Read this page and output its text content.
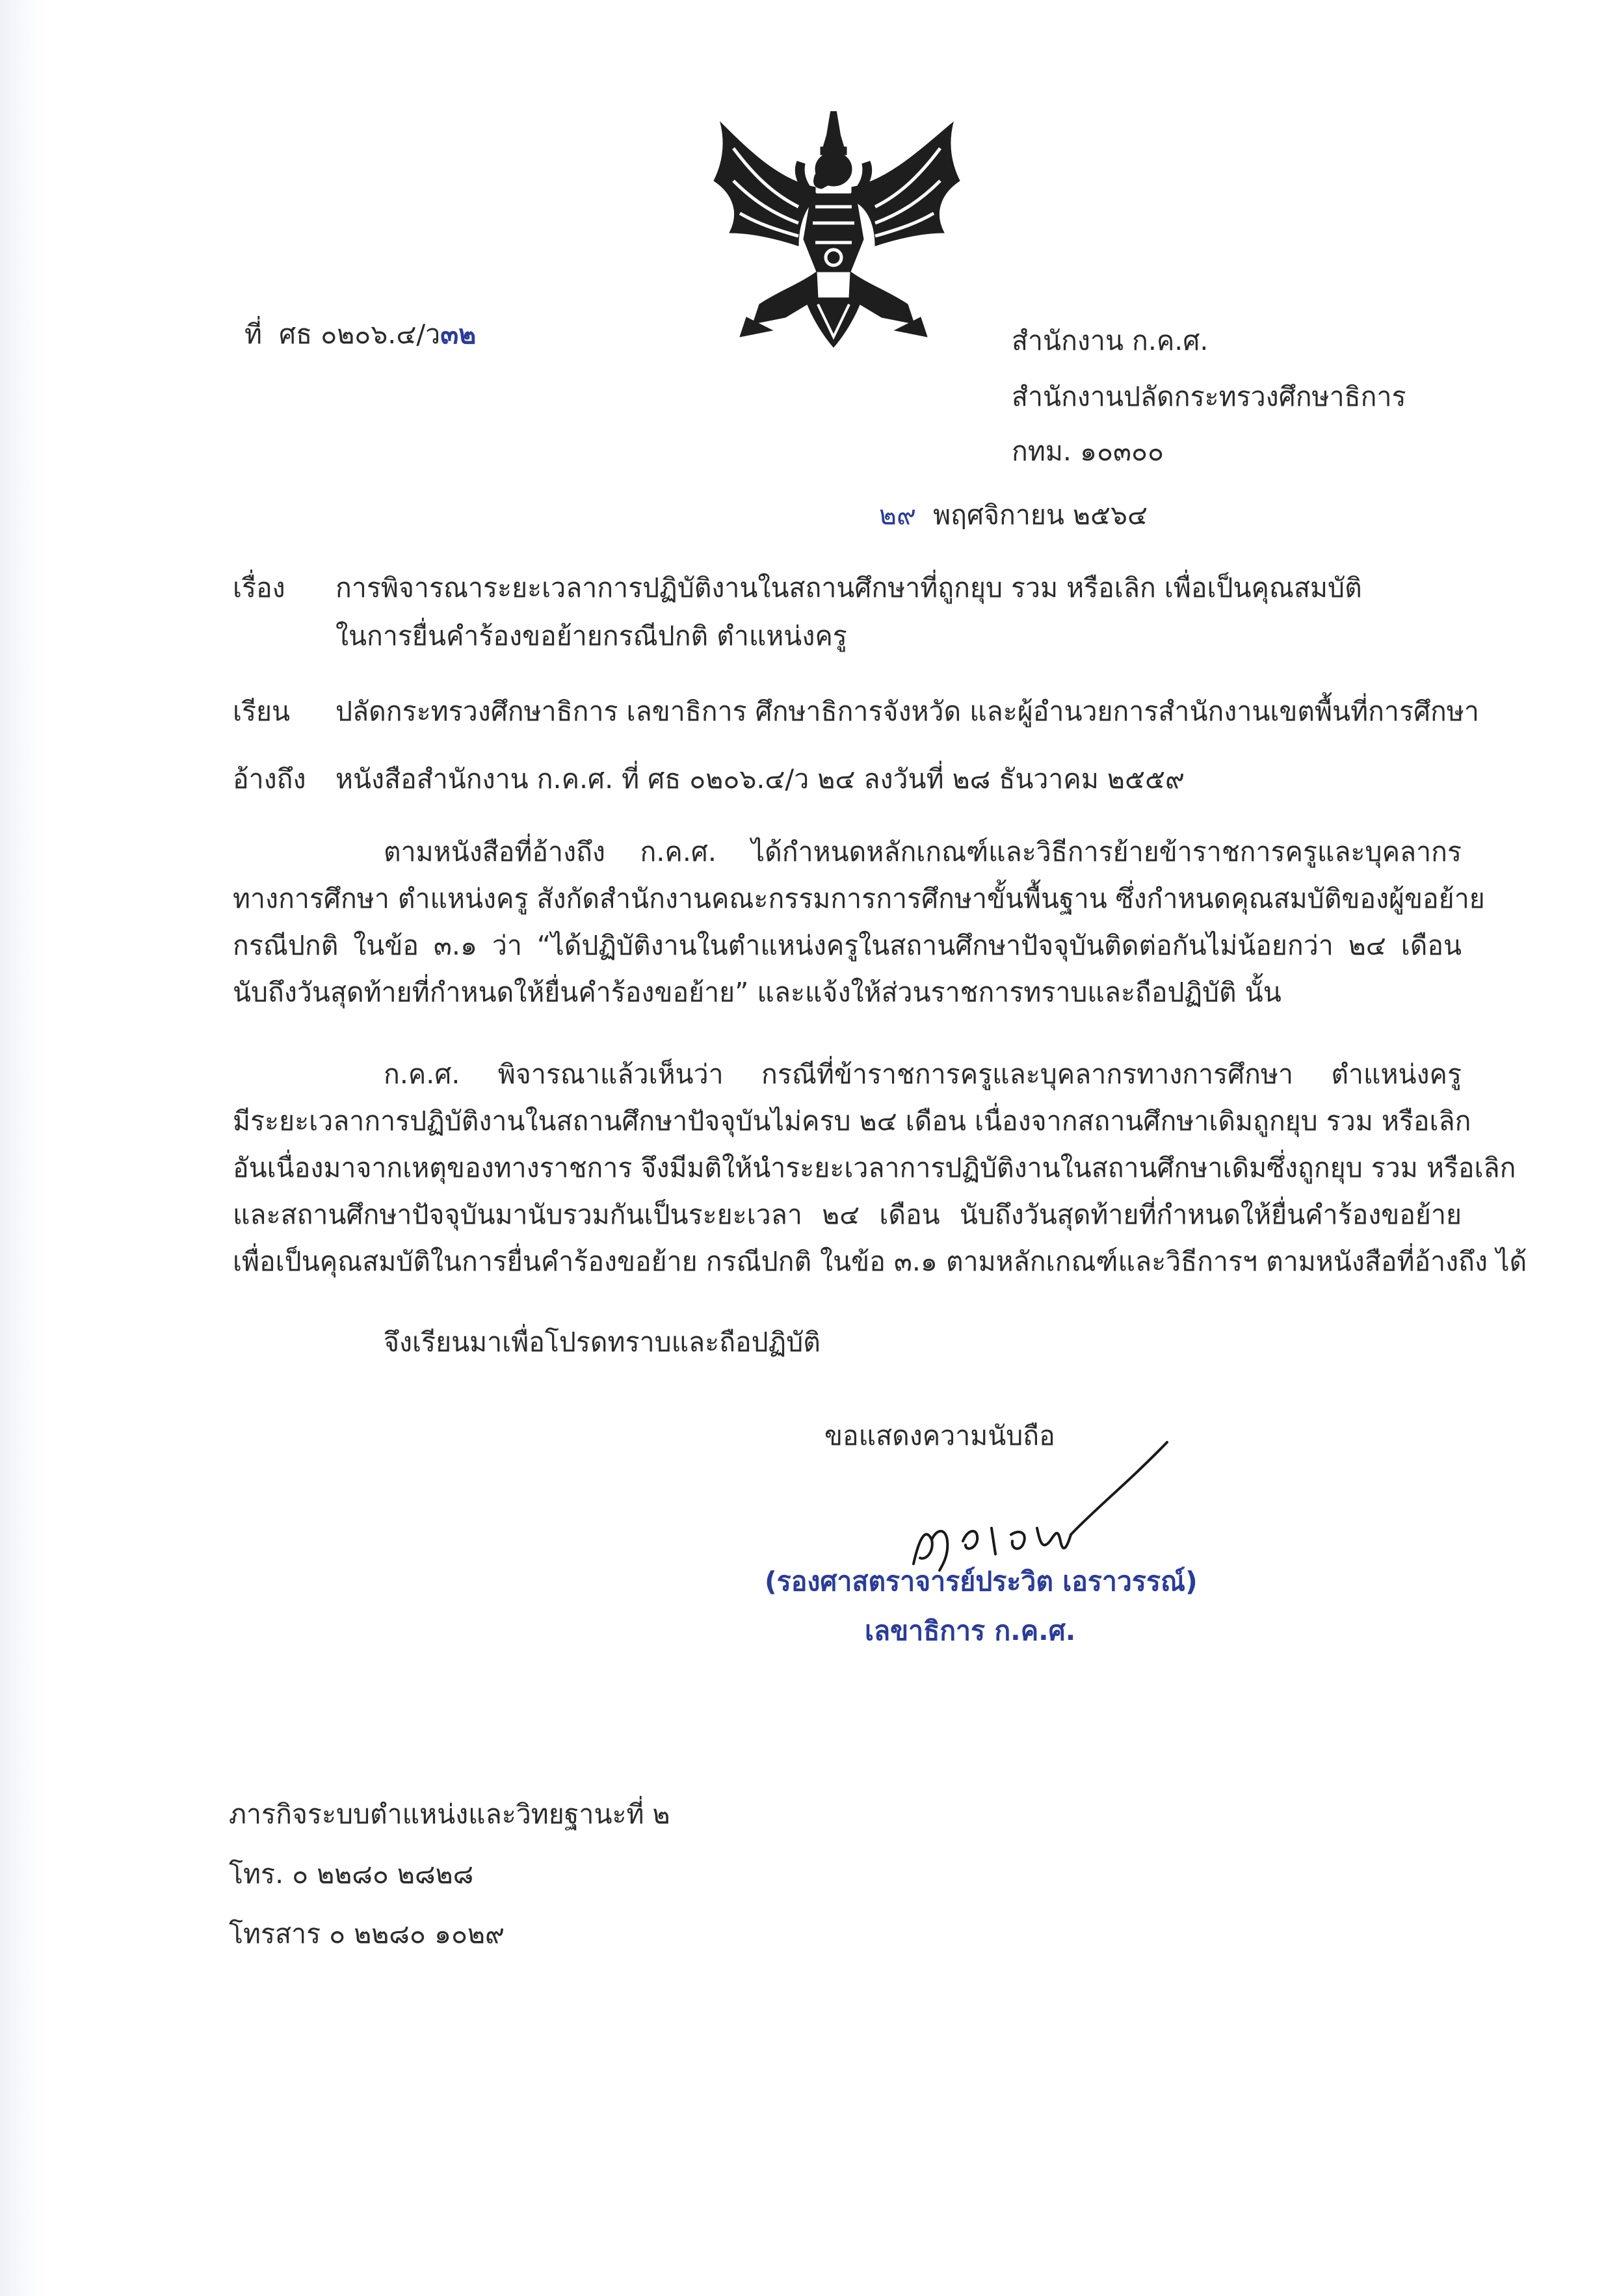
ที่ ศธ ๐๒๐๖.๔/ว๓๒	สำนักงาน ก.ค.ศ.
สำนักงานปลัดกระทรวงศึกษาธิการ
กทม. ๑๐๓๐๐
๒๙ พฤศจิกายน ๒๕๖๔
เรื่อง การพิจารณาระยะเวลาการปฏิบัติงานในสถานศึกษาที่ถูกยุบ รวม หรือเลิก เพื่อเป็นคุณสมบัติ
ในการยื่นคำร้องขอย้ายกรณีปกติ ตำแหน่งครู
เรียน ปลัดกระทรวงศึกษาธิการ เลขาธิการ ศึกษาธิการจังหวัด และผู้อำนวยการสำนักงานเขตพื้นที่การศึกษา
อ้างถึง หนังสือสำนักงาน ก.ค.ศ. ที่ ศธ ๐๒๐๖.๔/ว ๒๔ ลงวันที่ ๒๘ ธันวาคม ๒๕๕๙
ตามหนังสือที่อ้างถึง ก.ค.ศ. ได้กำหนดหลักเกณฑ์และวิธีการย้ายข้าราชการครูและบุคลากร
ทางการศึกษา ตำแหน่งครู สังกัดสำนักงานคณะกรรมการการศึกษาขั้นพื้นฐาน ซึ่งกำหนดคุณสมบัติของผู้ขอย้าย
กรณีปกติ ในข้อ ๓.๑ ว่า “ได้ปฏิบัติงานในตำแหน่งครูในสถานศึกษาปัจจุบันติดต่อกันไม่น้อยกว่า ๒๔ เดือน
นับถึงวันสุดท้ายที่กำหนดให้ยื่นคำร้องขอย้าย” และแจ้งให้ส่วนราชการทราบและถือปฏิบัติ นั้น
ก.ค.ศ. พิจารณาแล้วเห็นว่า กรณีที่ข้าราชการครูและบุคลากรทางการศึกษา ตำแหน่งครู
มีระยะเวลาการปฏิบัติงานในสถานศึกษาปัจจุบันไม่ครบ ๒๔ เดือน เนื่องจากสถานศึกษาเดิมถูกยุบ รวม หรือเลิก
อันเนื่องมาจากเหตุของทางราชการ จึงมีมติให้นำระยะเวลาการปฏิบัติงานในสถานศึกษาเดิมซึ่งถูกยุบ รวม หรือเลิก
และสถานศึกษาปัจจุบันมานับรวมกันเป็นระยะเวลา ๒๔ เดือน นับถึงวันสุดท้ายที่กำหนดให้ยื่นคำร้องขอย้าย
เพื่อเป็นคุณสมบัติในการยื่นคำร้องขอย้าย กรณีปกติ ในข้อ ๓.๑ ตามหลักเกณฑ์และวิธีการฯ ตามหนังสือที่อ้างถึง ได้
จึงเรียนมาเพื่อโปรดทราบและถือปฏิบัติ
ขอแสดงความนับถือ
(รองศาสตราจารย์ประวิต เอราวรรณ์)
เลขาธิการ ก.ค.ศ.
ภารกิจระบบตำแหน่งและวิทยฐานะที่ ๒
โทร. ๐ ๒๒๘๐ ๒๘๒๘
โทรสาร ๐ ๒๒๘๐ ๑๐๒๙
